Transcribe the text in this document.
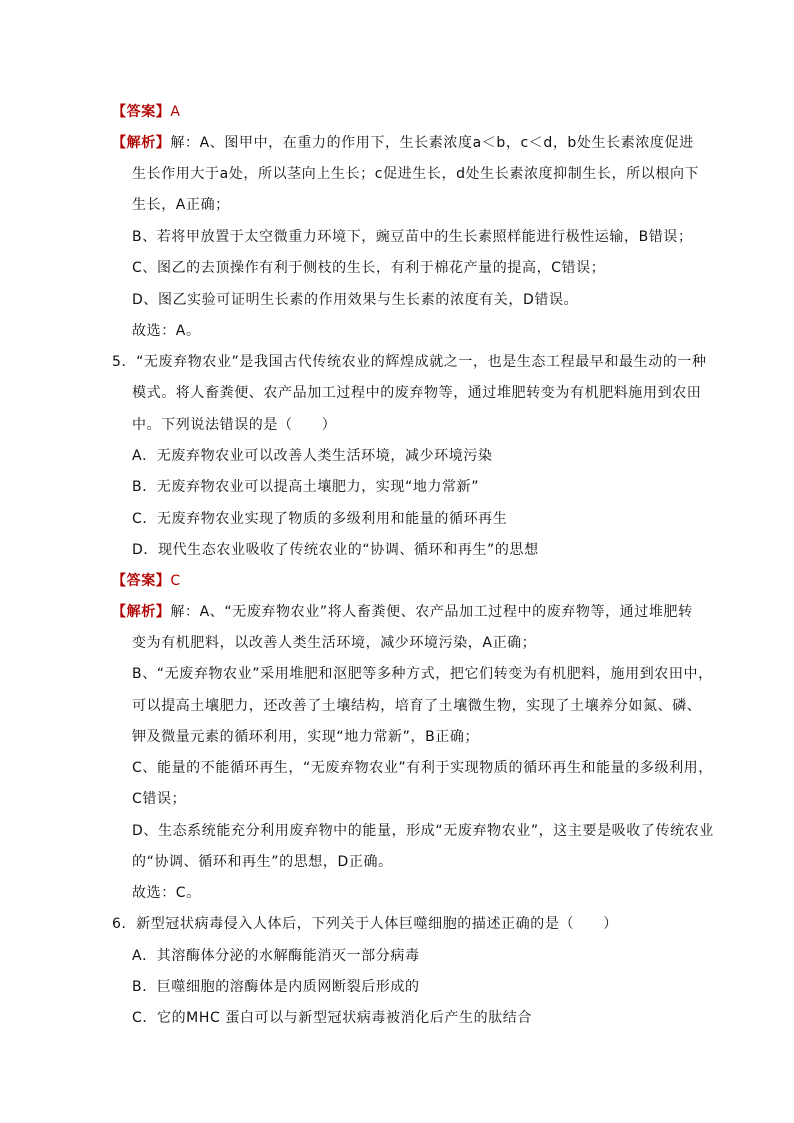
【答案】A
【解析】解：A、图甲中，在重力的作用下，生长素浓度a＜b，c＜d，b处生长素浓度促进
生长作用大于a处，所以茎向上生长；c促进生长，d处生长素浓度抑制生长，所以根向下
生长，A正确；
B、若将甲放置于太空微重力环境下，豌豆苗中的生长素照样能进行极性运输，B错误；
C、图乙的去顶操作有利于侧枝的生长，有利于棉花产量的提高，C错误；
D、图乙实验可证明生长素的作用效果与生长素的浓度有关，D错误。
故选：A。
5．“无废弃物农业”是我国古代传统农业的辉煌成就之一，也是生态工程最早和最生动的一种
模式。将人畜粪便、农产品加工过程中的废弃物等，通过堆肥转变为有机肥料施用到农田
中。下列说法错误的是（　　）
A．无废弃物农业可以改善人类生活环境，减少环境污染
B．无废弃物农业可以提高土壤肥力，实现“地力常新”
C．无废弃物农业实现了物质的多级利用和能量的循环再生
D．现代生态农业吸收了传统农业的“协调、循环和再生”的思想
【答案】C
【解析】解：A、“无废弃物农业”将人畜粪便、农产品加工过程中的废弃物等，通过堆肥转
变为有机肥料，以改善人类生活环境，减少环境污染，A正确；
B、“无废弃物农业”采用堆肥和沤肥等多种方式，把它们转变为有机肥料，施用到农田中，
可以提高土壤肥力，还改善了土壤结构，培育了土壤微生物，实现了土壤养分如氮、磷、
钾及微量元素的循环利用，实现“地力常新”，B正确；
C、能量的不能循环再生，“无废弃物农业”有利于实现物质的循环再生和能量的多级利用，
C错误；
D、生态系统能充分利用废弃物中的能量，形成“无废弃物农业”，这主要是吸收了传统农业
的“协调、循环和再生”的思想，D正确。
故选：C。
6．新型冠状病毒侵入人体后，下列关于人体巨噬细胞的描述正确的是（　　）
A．其溶酶体分泌的水解酶能消灭一部分病毒
B．巨噬细胞的溶酶体是内质网断裂后形成的
C．它的MHC 蛋白可以与新型冠状病毒被消化后产生的肽结合
